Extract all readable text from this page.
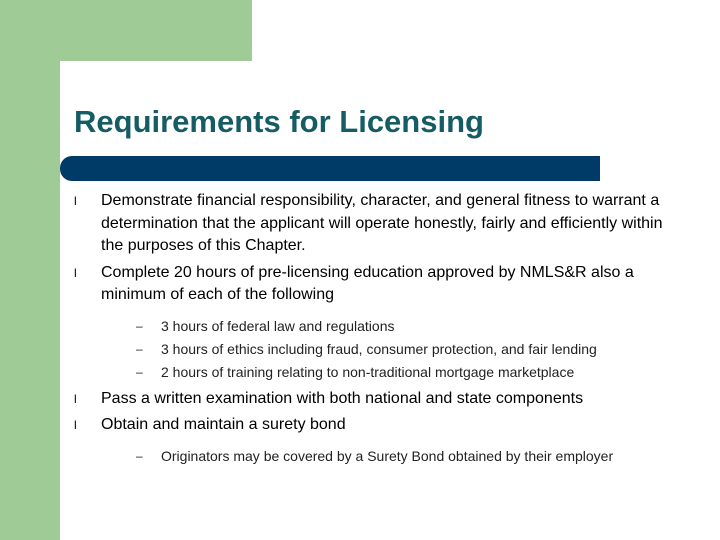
Requirements for Licensing
l Demonstrate financial responsibility, character, and general fitness to warrant a determination that the applicant will operate honestly, fairly and efficiently within the purposes of this Chapter.
l Complete 20 hours of pre-licensing education approved by NMLS&R also a minimum of each of the following
– 3 hours of federal law and regulations
– 3 hours of ethics including fraud, consumer protection, and fair lending
– 2 hours of training relating to non-traditional mortgage marketplace
l Pass a written examination with both national and state components
l Obtain and maintain a surety bond
– Originators may be covered by a Surety Bond obtained by their employer
